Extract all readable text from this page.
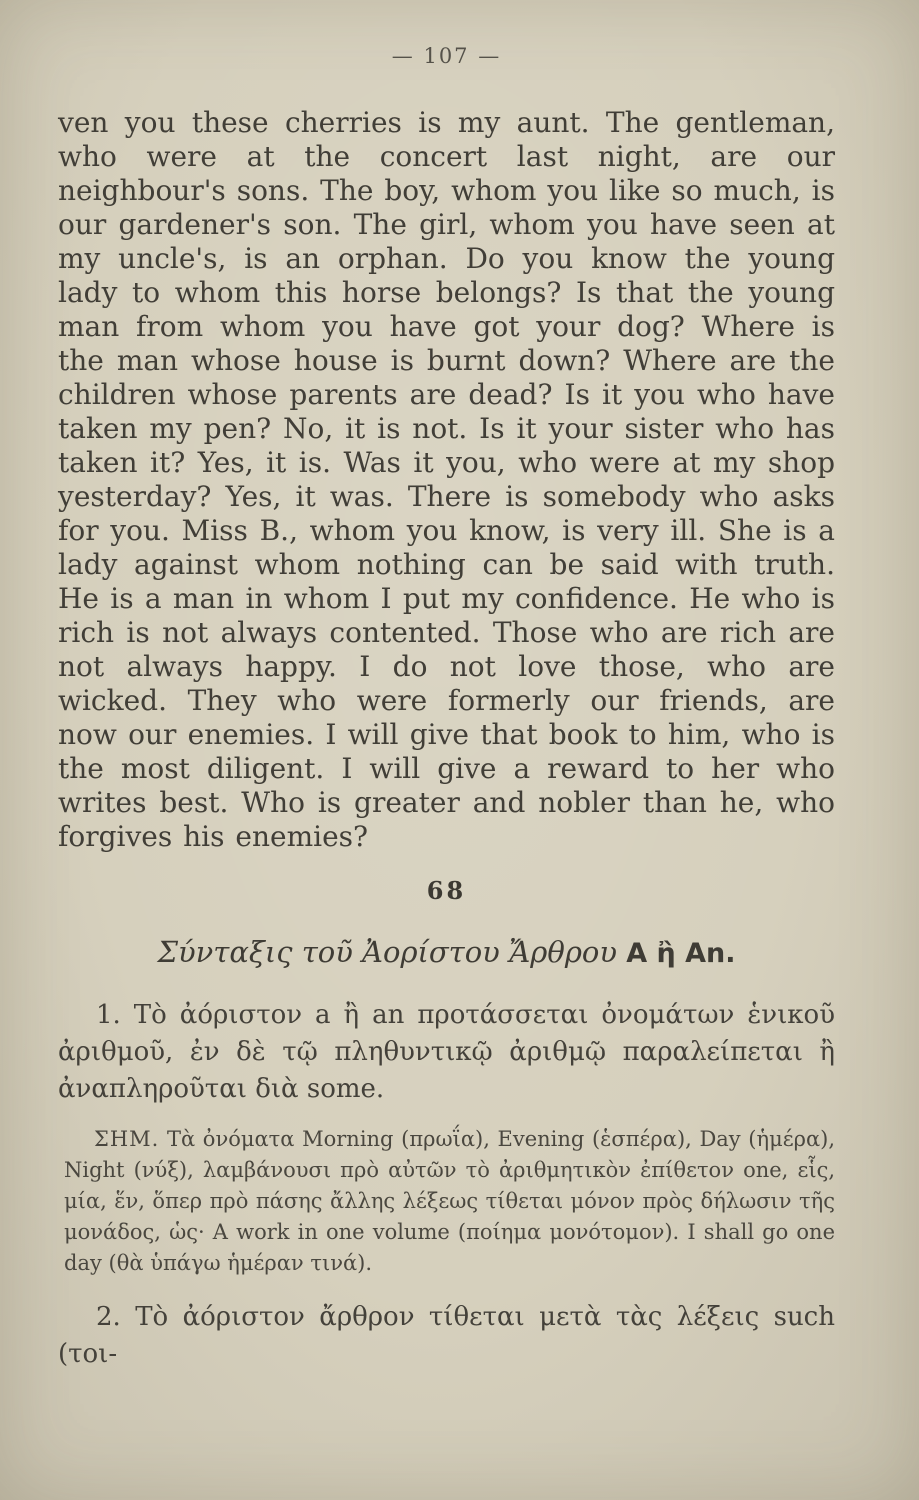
— 107 —

ven you these cherries is my aunt. The gentleman, who were at the concert last night, are our neighbour's sons. The boy, whom you like so much, is our gardener's son. The girl, whom you have seen at my uncle's, is an orphan. Do you know the young lady to whom this horse belongs? Is that the young man from whom you have got your dog? Where is the man whose house is burnt down? Where are the children whose parents are dead? Is it you who have taken my pen? No, it is not. Is it your sister who has taken it? Yes, it is. Was it you, who were at my shop yesterday? Yes, it was. There is somebody who asks for you. Miss B., whom you know, is very ill. She is a lady against whom nothing can be said with truth. He is a man in whom I put my confidence. He who is rich is not always contented. Those who are rich are not always happy. I do not love those, who are wicked. They who were formerly our friends, are now our enemies. I will give that book to him, who is the most diligent. I will give a reward to her who writes best. Who is greater and nobler than he, who forgives his enemies?

68
Σύνταξις τοῦ Ἀορίστου Ἄρθρου Α ἢ An.

1. Τὸ ἀόριστον a ἢ an προτάσσεται ὀνομάτων ἑνικοῦ ἀριθμοῦ, ἐν δὲ τῷ πληθυντικῷ ἀριθμῷ παραλείπεται ἢ ἀναπληροῦται διὰ some.

ΣΗΜ. Τὰ ὀνόματα Morning (πρωΐα), Evening (ἑσπέρα), Day (ἡμέρα), Night (νύξ), λαμβάνουσι πρὸ αὐτῶν τὸ ἀριθμητικὸν ἐπίθετον one, εἷς, μία, ἕν, ὅπερ πρὸ πάσης ἄλλης λέξεως τίθεται μόνον πρὸς δήλωσιν τῆς μονάδος, ὡς· A work in one volume (ποίημα μονότομον). I shall go one day (θὰ ὑπάγω ἡμέραν τινά).

2. Τὸ ἀόριστον ἄρθρον τίθεται μετὰ τὰς λέξεις such (τοι-
